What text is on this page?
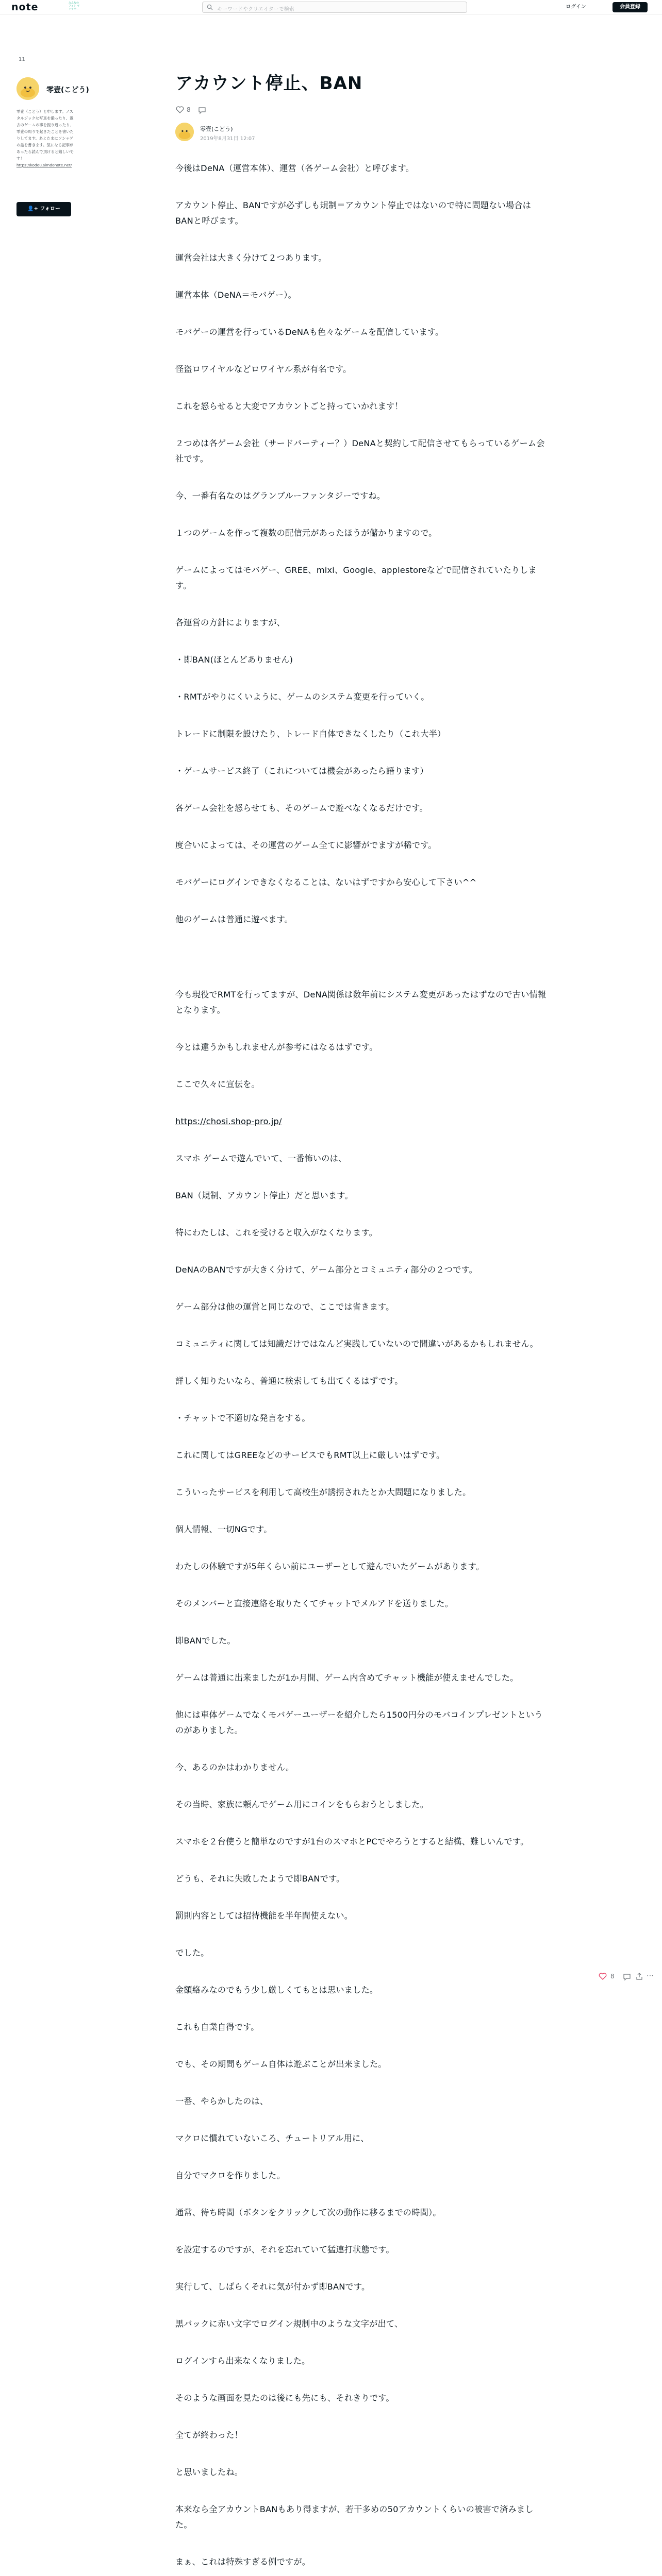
note	みんなの フォト ギャラリー	キーワードやクリエイターで検索	ログイン	会員登録
11
零壹(こどう)
零壹（こどう）と申します。ノスタルジックな写真を撮ったり、過去のゲームの事を振り返ったり、零壹の周りで起きたことを書いたりしてます。あとたまにソシャゲの話を書きます。気になる記事があったら読んで頂けると嬉しいです！
https://kodou.simdonote.net/
👤+ フォロー
アカウント停止、BAN
8
零壹(こどう)
2019年8月31日 12:07

今後はDeNA（運営本体）、運営（各ゲーム会社）と呼びます。

アカウント停止、BANですが必ずしも規制＝アカウント停止ではないので特に問題ない場合はBANと呼びます。

運営会社は大きく分けて２つあります。

運営本体（DeNA＝モバゲー）。

モバゲーの運営を行っているDeNAも色々なゲームを配信しています。

怪盗ロワイヤルなどロワイヤル系が有名です。

これを怒らせると大変でアカウントごと持っていかれます！

２つめは各ゲーム会社（サードパーティー？）DeNAと契約して配信させてもらっているゲーム会社です。

今、一番有名なのはグランブルーファンタジーですね。

１つのゲームを作って複数の配信元があったほうが儲かりますので。

ゲームによってはモバゲー、GREE、mixi、Google、applestoreなどで配信されていたりします。

各運営の方針によりますが、

・即BAN(ほとんどありません)

・RMTがやりにくいように、ゲームのシステム変更を行っていく。

トレードに制限を設けたり、トレード自体できなくしたり（これ大半）

・ゲームサービス終了（これについては機会があったら語ります）

各ゲーム会社を怒らせても、そのゲームで遊べなくなるだけです。

度合いによっては、その運営のゲーム全てに影響がでますが稀です。

モバゲーにログインできなくなることは、ないはずですから安心して下さい^^

他のゲームは普通に遊べます。

今も現役でRMTを行ってますが、DeNA関係は数年前にシステム変更があったはずなので古い情報となります。

今とは違うかもしれませんが参考にはなるはずです。

ここで久々に宣伝を。

https://chosi.shop-pro.jp/

スマホ ゲームで遊んでいて、一番怖いのは、

BAN（規制、アカウント停止）だと思います。

特にわたしは、これを受けると収入がなくなります。

DeNAのBANですが大きく分けて、ゲーム部分とコミュニティ部分の２つです。

ゲーム部分は他の運営と同じなので、ここでは省きます。

コミュニティに関しては知識だけではなんど実践していないので間違いがあるかもしれません。

詳しく知りたいなら、普通に検索しても出てくるはずです。

・チャットで不適切な発言をする。

これに関してはGREEなどのサービスでもRMT以上に厳しいはずです。

こういったサービスを利用して高校生が誘拐されたとか大問題になりました。

個人情報、一切NGです。

わたしの体験ですが5年くらい前にユーザーとして遊んでいたゲームがあります。

そのメンバーと直接連絡を取りたくてチャットでメルアドを送りました。

即BANでした。

ゲームは普通に出来ましたが1か月間、ゲーム内含めてチャット機能が使えませんでした。

他には車体ゲームでなくモバゲーユーザーを紹介したら1500円分のモバコインプレゼントというのがありました。

今、あるのかはわかりません。

その当時、家族に頼んでゲーム用にコインをもらおうとしました。

スマホを２台使うと簡単なのですが1台のスマホとPCでやろうとすると結構、難しいんです。

どうも、それに失敗したようで即BANです。

罰則内容としては招待機能を半年間使えない。

でした。

金額絡みなのでもう少し厳しくてもとは思いました。

これも自業自得です。

でも、その期間もゲーム自体は遊ぶことが出来ました。

一番、やらかしたのは、

マクロに慣れていないころ、チュートリアル用に、

自分でマクロを作りました。

通常、待ち時間（ボタンをクリックして次の動作に移るまでの時間）。

を設定するのですが、それを忘れていて猛連打状態です。

実行して、しばらくそれに気が付かず即BANです。

黒バックに赤い文字でログイン規制中のような文字が出て、

ログインすら出来なくなりました。

そのような画面を見たのは後にも先にも、それきりです。

全てが終わった！

と思いましたね。

本来なら全アカウントBANもあり得ますが、若干多めの50アカウントくらいの被害で済みました。

まぁ、これは特殊すぎる例ですが。

8	⋯
